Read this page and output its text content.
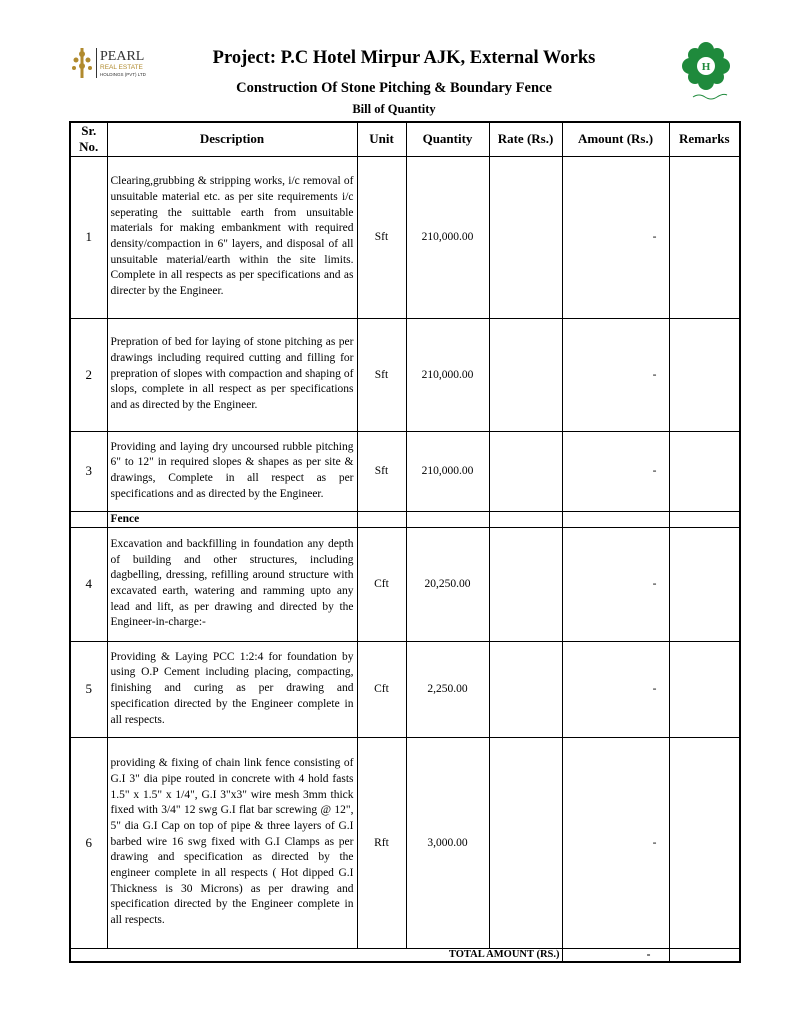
PEARL
REAL ESTATE
HOLDINGS (PVT) LTD
H
Project: P.C Hotel Mirpur AJK, External Works
Construction Of Stone Pitching & Boundary Fence
Bill of Quantity
Sr. No.	Description	Unit	Quantity	Rate (Rs.)	Amount (Rs.)	Remarks
1	Clearing,grubbing & stripping works, i/c removal of unsuitable material etc. as per site requirements i/c seperating the suittable earth from unsuitable materials for making embankment with required density/compaction in 6" layers, and disposal of all unsuitable material/earth within the site limits. Complete in all respects as per specifications and as directer by the Engineer.	Sft	210,000.00		-	
2	Prepration of bed for laying of stone pitching as per drawings including required cutting and filling for prepration of slopes with compaction and shaping of slops, complete in all respect as per specifications and as directed by the Engineer.	Sft	210,000.00		-	
3	Providing and laying dry uncoursed rubble pitching 6" to 12" in required slopes & shapes as per site & drawings, Complete in all respect as per specifications and as directed by the Engineer.	Sft	210,000.00		-	
	Fence					
4	Excavation and backfilling in foundation any depth of building and other structures, including dagbelling, dressing, refilling around structure with excavated earth, watering and ramming upto any lead and lift, as per drawing and directed by the Engineer-in-charge:-	Cft	20,250.00		-	
5	Providing & Laying PCC 1:2:4 for foundation by using O.P Cement including placing, compacting, finishing and curing as per drawing and specification directed by the Engineer complete in all respects.	Cft	2,250.00		-	
6	providing & fixing of chain link fence consisting of G.I 3" dia pipe routed in concrete with 4 hold fasts 1.5" x 1.5" x 1/4", G.I 3"x3" wire mesh 3mm thick fixed with 3/4" 12 swg G.I flat bar screwing @ 12", 5" dia G.I Cap on top of pipe & three layers of G.I barbed wire 16 swg fixed with G.I Clamps as per drawing and specification as directed by the engineer complete in all respects ( Hot dipped G.I Thickness is 30 Microns) as per drawing and specification directed by the Engineer complete in all respects.	Rft	3,000.00		-	
TOTAL AMOUNT (RS.)					-	
